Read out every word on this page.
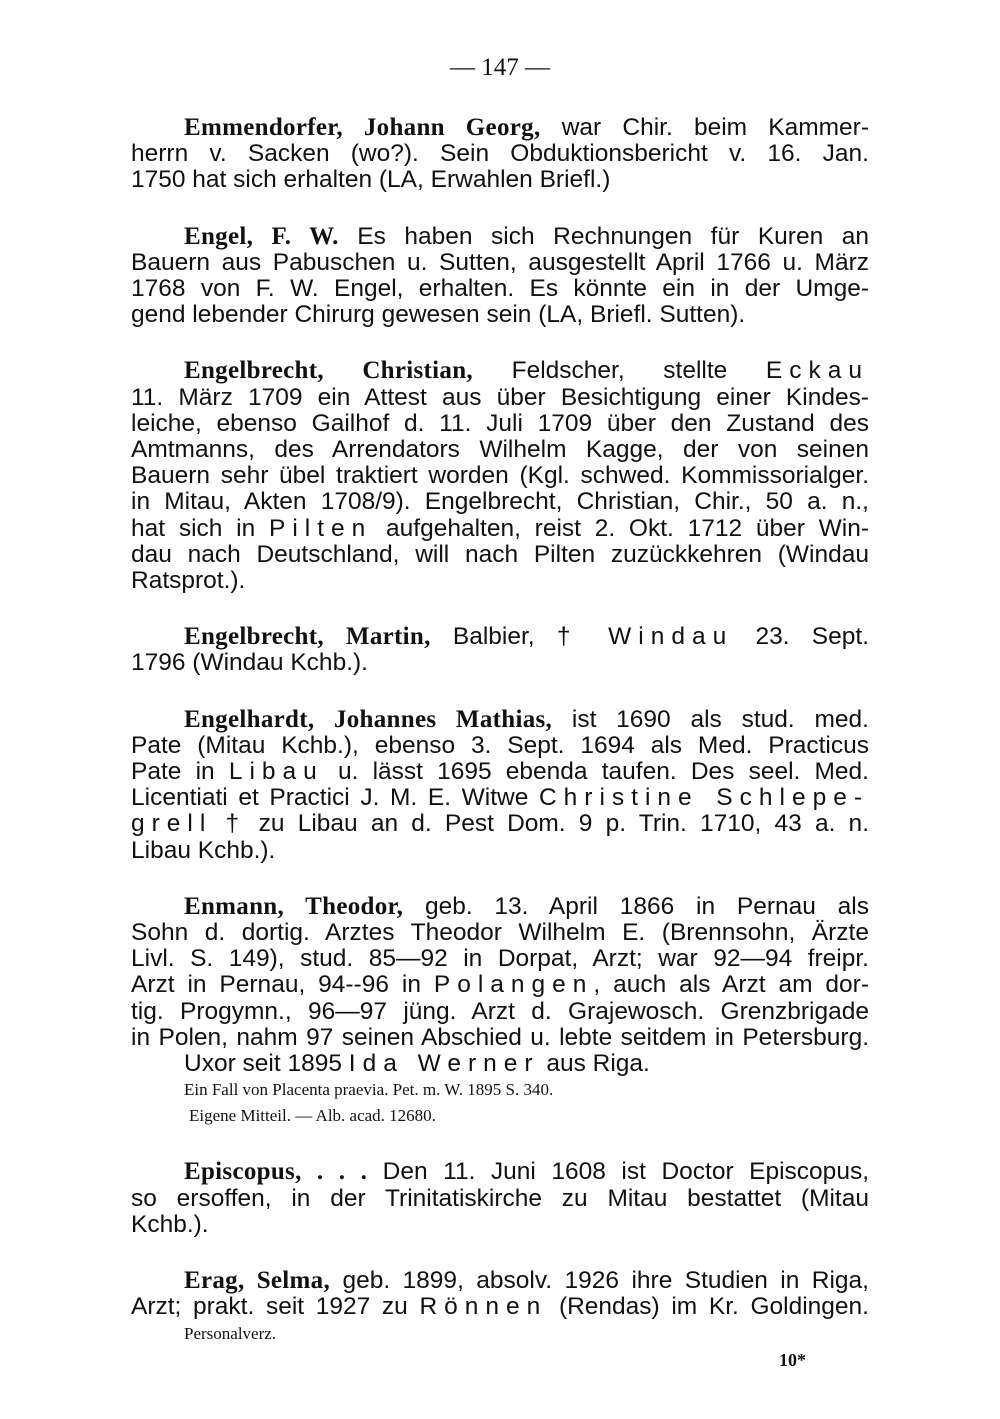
— 147 —
Emmendorfer, Johann Georg, war Chir. beim Kammer-
herrn v. Sacken (wo?). Sein Obduktionsbericht v. 16. Jan.
1750 hat sich erhalten (LA, Erwahlen Briefl.)
Engel, F. W. Es haben sich Rechnungen für Kuren an
Bauern aus Pabuschen u. Sutten, ausgestellt April 1766 u. März
1768 von F. W. Engel, erhalten. Es könnte ein in der Umge-
gend lebender Chirurg gewesen sein (LA, Briefl. Sutten).
Engelbrecht, Christian, Feldscher, stellte Eckau
11. März 1709 ein Attest aus über Besichtigung einer Kindes-
leiche, ebenso Gailhof d. 11. Juli 1709 über den Zustand des
Amtmanns, des Arrendators Wilhelm Kagge, der von seinen
Bauern sehr übel traktiert worden (Kgl. schwed. Kommissorialger.
in Mitau, Akten 1708/9). Engelbrecht, Christian, Chir., 50 a. n.,
hat sich in Pilten aufgehalten, reist 2. Okt. 1712 über Win-
dau nach Deutschland, will nach Pilten zuzückkehren (Windau
Ratsprot.).
Engelbrecht, Martin, Balbier, † Windau 23. Sept.
1796 (Windau Kchb.).
Engelhardt, Johannes Mathias, ist 1690 als stud. med.
Pate (Mitau Kchb.), ebenso 3. Sept. 1694 als Med. Practicus
Pate in Libau u. lässt 1695 ebenda taufen. Des seel. Med.
Licentiati et Practici J. M. E. Witwe Christine Schlepe-
grell † zu Libau an d. Pest Dom. 9 p. Trin. 1710, 43 a. n.
Libau Kchb.).
Enmann, Theodor, geb. 13. April 1866 in Pernau als
Sohn d. dortig. Arztes Theodor Wilhelm E. (Brennsohn, Ärzte
Livl. S. 149), stud. 85—92 in Dorpat, Arzt; war 92—94 freipr.
Arzt in Pernau, 94--96 in Polangen, auch als Arzt am dor-
tig. Progymn., 96—97 jüng. Arzt d. Grajewosch. Grenzbrigade
in Polen, nahm 97 seinen Abschied u. lebte seitdem in Petersburg.
Uxor seit 1895 Ida Werner aus Riga.
Ein Fall von Placenta praevia. Pet. m. W. 1895 S. 340.
Eigene Mitteil. — Alb. acad. 12680.
Episcopus, . . . Den 11. Juni 1608 ist Doctor Episcopus,
so ersoffen, in der Trinitatiskirche zu Mitau bestattet (Mitau
Kchb.).
Erag, Selma, geb. 1899, absolv. 1926 ihre Studien in Riga,
Arzt; prakt. seit 1927 zu Rönnen (Rendas) im Kr. Goldingen.
Personalverz.
10*
